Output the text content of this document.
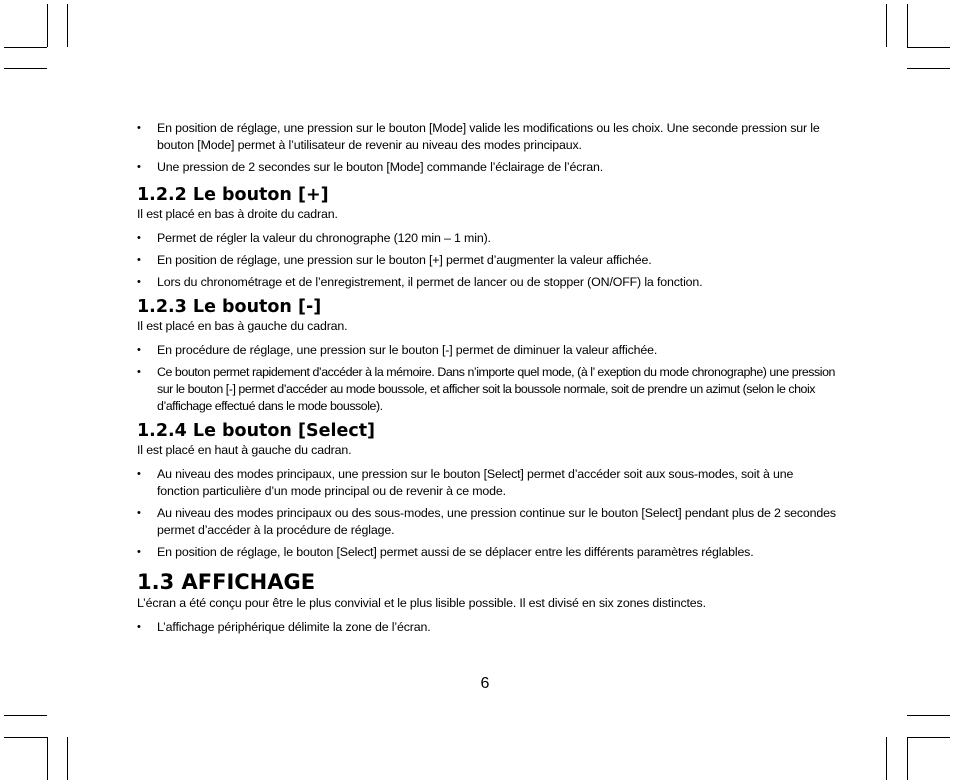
• En position de réglage, une pression sur le bouton [Mode] valide les modifications ou les choix. Une seconde pression sur le bouton [Mode] permet à l’utilisateur de revenir au niveau des modes principaux.
• Une pression de 2 secondes sur le bouton [Mode] commande l’éclairage de l’écran.
1.2.2 Le bouton [+]
Il est placé en bas à droite du cadran.
• Permet de régler la valeur du chronographe (120 min – 1 min).
• En position de réglage, une pression sur le bouton [+] permet d’augmenter la valeur affichée.
• Lors du chronométrage et de l’enregistrement, il permet de lancer ou de stopper (ON/OFF) la fonction.
1.2.3 Le bouton [-]
Il est placé en bas à gauche du cadran.
• En procédure de réglage, une pression sur le bouton [-] permet de diminuer la valeur affichée.
• Ce bouton permet rapidement d’accéder à la mémoire. Dans n’importe quel mode, (à l’ exeption du mode chronographe) une pression sur le bouton [-] permet d’accéder au mode boussole, et afficher soit la boussole normale, soit de prendre un azimut (selon le choix d’affichage effectué dans le mode boussole).
1.2.4 Le bouton [Select]
Il est placé en haut à gauche du cadran.
• Au niveau des modes principaux, une pression sur le bouton [Select] permet d’accéder soit aux sous-modes, soit à une fonction particulière d’un mode principal ou de revenir à ce mode.
• Au niveau des modes principaux ou des sous-modes, une pression continue sur le bouton [Select] pendant plus de 2 secondes permet d’accéder à la procédure de réglage.
• En position de réglage, le bouton [Select] permet aussi de se déplacer entre les différents paramètres réglables.
1.3 AFFICHAGE
L’écran a été conçu pour être le plus convivial et le plus lisible possible. Il est divisé en six zones distinctes.
• L’affichage périphérique délimite la zone de l’écran.
6
